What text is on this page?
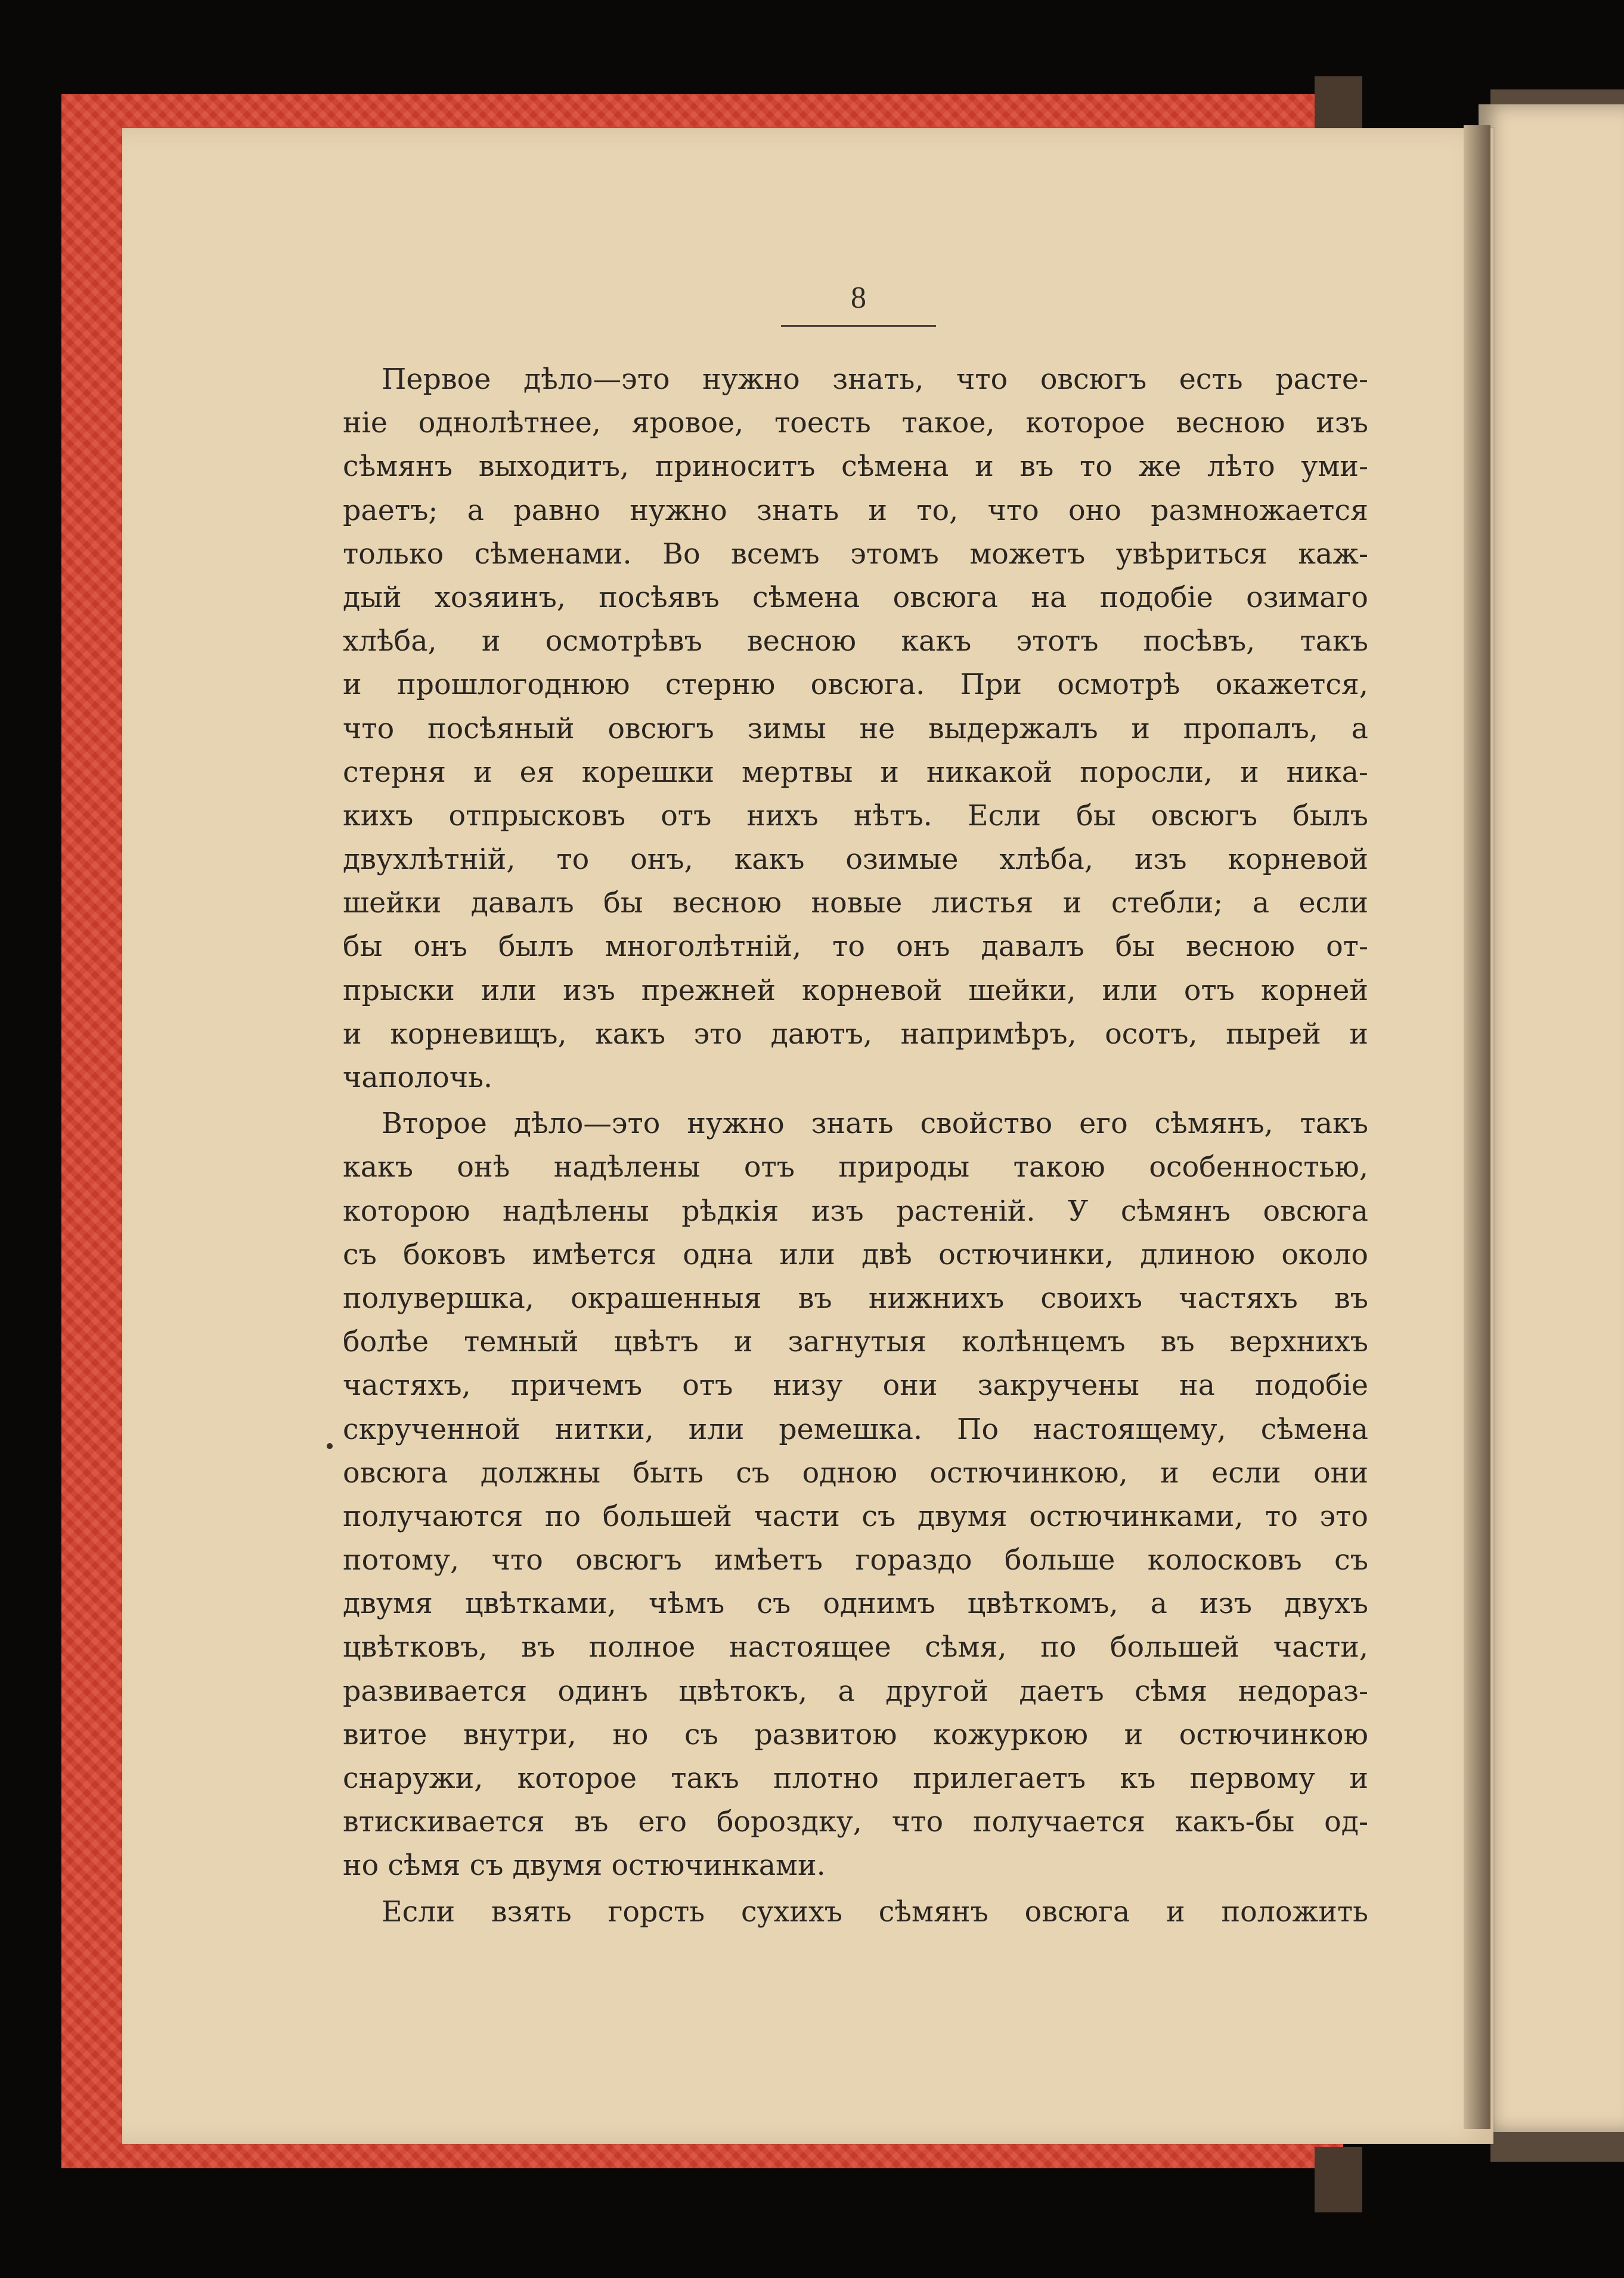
8
Первое дѣло—это нужно знать, что овсюгъ есть расте-
ніе однолѣтнее, яровое, тоесть такое, которое весною изъ
сѣмянъ выходитъ, приноситъ сѣмена и въ то же лѣто уми-
раетъ; а равно нужно знать и то, что оно размножается
только сѣменами. Во всемъ этомъ можетъ увѣриться каж-
дый хозяинъ, посѣявъ сѣмена овсюга на подобіе озимаго
хлѣба, и осмотрѣвъ весною какъ этотъ посѣвъ, такъ
и прошлогоднюю стерню овсюга. При осмотрѣ окажется,
что посѣяный овсюгъ зимы не выдержалъ и пропалъ, а
стерня и ея корешки мертвы и никакой поросли, и ника-
кихъ отпрысковъ отъ нихъ нѣтъ. Если бы овсюгъ былъ
двухлѣтній, то онъ, какъ озимые хлѣба, изъ корневой
шейки давалъ бы весною новые листья и стебли; а если
бы онъ былъ многолѣтній, то онъ давалъ бы весною от-
прыски или изъ прежней корневой шейки, или отъ корней
и корневищъ, какъ это даютъ, напримѣръ, осотъ, пырей и
чаполочь.
Второе дѣло—это нужно знать свойство его сѣмянъ, такъ
какъ онѣ надѣлены отъ природы такою особенностью,
которою надѣлены рѣдкія изъ растеній. У сѣмянъ овсюга
съ боковъ имѣется одна или двѣ остючинки, длиною около
полувершка, окрашенныя въ нижнихъ своихъ частяхъ въ
болѣе темный цвѣтъ и загнутыя колѣнцемъ въ верхнихъ
частяхъ, причемъ отъ низу они закручены на подобіе
скрученной нитки, или ремешка. По настоящему, сѣмена
овсюга должны быть съ одною остючинкою, и если они
получаются по большей части съ двумя остючинками, то это
потому, что овсюгъ имѣетъ гораздо больше колосковъ съ
двумя цвѣтками, чѣмъ съ однимъ цвѣткомъ, а изъ двухъ
цвѣтковъ, въ полное настоящее сѣмя, по большей части,
развивается одинъ цвѣтокъ, а другой даетъ сѣмя недораз-
витое внутри, но съ развитою кожуркою и остючинкою
снаружи, которое такъ плотно прилегаетъ къ первому и
втискивается въ его бороздку, что получается какъ-бы од-
но сѣмя съ двумя остючинками.
Если взять горсть сухихъ сѣмянъ овсюга и положить
